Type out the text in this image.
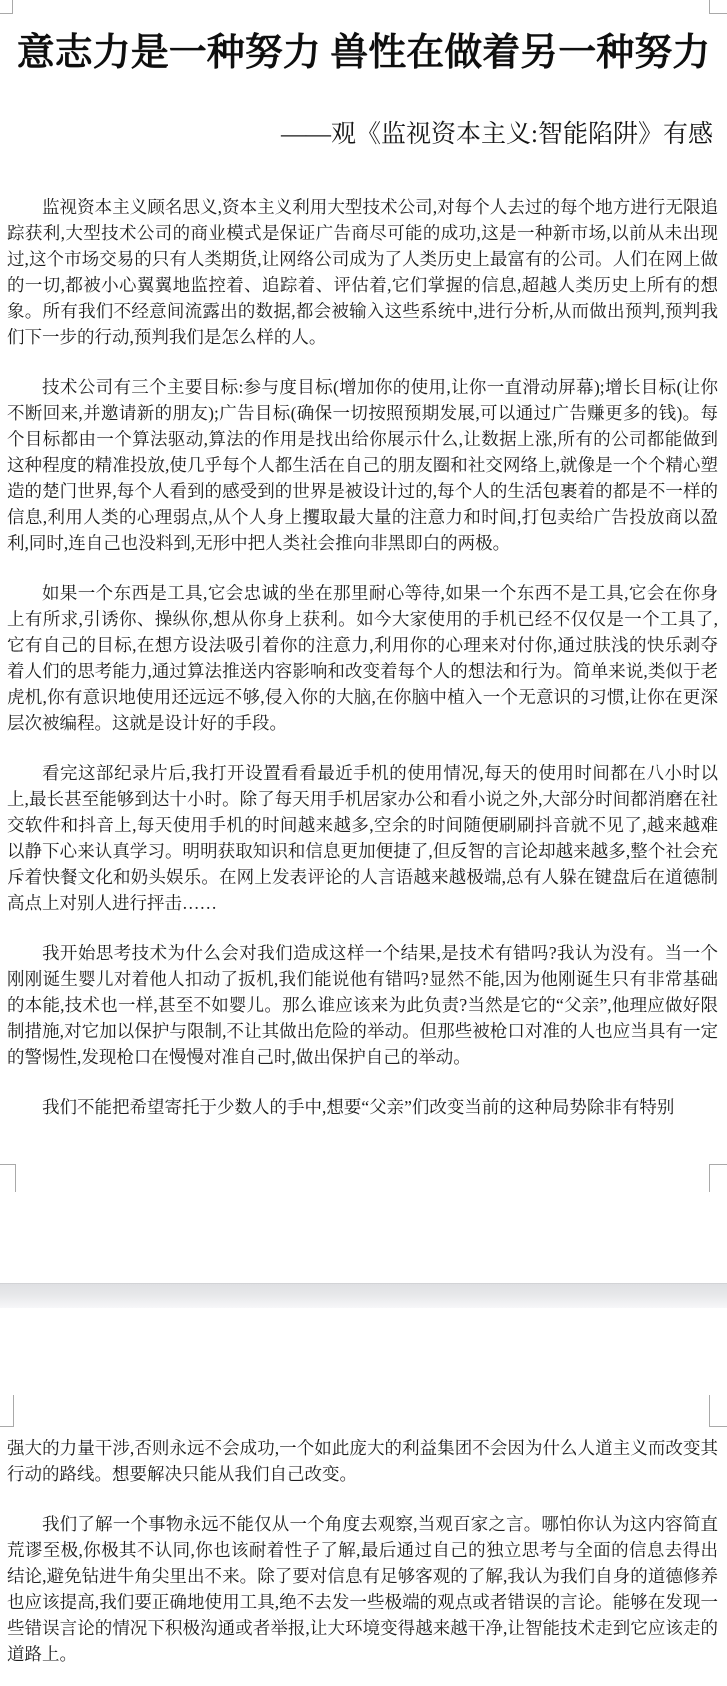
意志力是一种努力 兽性在做着另一种努力
——观《监视资本主义:智能陷阱》有感

监视资本主义顾名思义,资本主义利用大型技术公司,对每个人去过的每个地方进行无限追踪获利,大型技术公司的商业模式是保证广告商尽可能的成功,这是一种新市场,以前从未出现过,这个市场交易的只有人类期货,让网络公司成为了人类历史上最富有的公司。人们在网上做的一切,都被小心翼翼地监控着、追踪着、评估着,它们掌握的信息,超越人类历史上所有的想象。所有我们不经意间流露出的数据,都会被输入这些系统中,进行分析,从而做出预判,预判我们下一步的行动,预判我们是怎么样的人。

技术公司有三个主要目标:参与度目标(增加你的使用,让你一直滑动屏幕);增长目标(让你不断回来,并邀请新的朋友);广告目标(确保一切按照预期发展,可以通过广告赚更多的钱)。每个目标都由一个算法驱动,算法的作用是找出给你展示什么,让数据上涨,所有的公司都能做到这种程度的精准投放,使几乎每个人都生活在自己的朋友圈和社交网络上,就像是一个个精心塑造的楚门世界,每个人看到的感受到的世界是被设计过的,每个人的生活包裹着的都是不一样的信息,利用人类的心理弱点,从个人身上攫取最大量的注意力和时间,打包卖给广告投放商以盈利,同时,连自己也没料到,无形中把人类社会推向非黑即白的两极。

如果一个东西是工具,它会忠诚的坐在那里耐心等待,如果一个东西不是工具,它会在你身上有所求,引诱你、操纵你,想从你身上获利。如今大家使用的手机已经不仅仅是一个工具了,它有自己的目标,在想方设法吸引着你的注意力,利用你的心理来对付你,通过肤浅的快乐剥夺着人们的思考能力,通过算法推送内容影响和改变着每个人的想法和行为。简单来说,类似于老虎机,你有意识地使用还远远不够,侵入你的大脑,在你脑中植入一个无意识的习惯,让你在更深层次被编程。这就是设计好的手段。

看完这部纪录片后,我打开设置看看最近手机的使用情况,每天的使用时间都在八小时以上,最长甚至能够到达十小时。除了每天用手机居家办公和看小说之外,大部分时间都消磨在社交软件和抖音上,每天使用手机的时间越来越多,空余的时间随便刷刷抖音就不见了,越来越难以静下心来认真学习。明明获取知识和信息更加便捷了,但反智的言论却越来越多,整个社会充斥着快餐文化和奶头娱乐。在网上发表评论的人言语越来越极端,总有人躲在键盘后在道德制高点上对别人进行抨击……

我开始思考技术为什么会对我们造成这样一个结果,是技术有错吗?我认为没有。当一个刚刚诞生婴儿对着他人扣动了扳机,我们能说他有错吗?显然不能,因为他刚诞生只有非常基础的本能,技术也一样,甚至不如婴儿。那么谁应该来为此负责?当然是它的“父亲”,他理应做好限制措施,对它加以保护与限制,不让其做出危险的举动。但那些被枪口对准的人也应当具有一定的警惕性,发现枪口在慢慢对准自己时,做出保护自己的举动。

我们不能把希望寄托于少数人的手中,想要“父亲”们改变当前的这种局势除非有特别

强大的力量干涉,否则永远不会成功,一个如此庞大的利益集团不会因为什么人道主义而改变其行动的路线。想要解决只能从我们自己改变。

我们了解一个事物永远不能仅从一个角度去观察,当观百家之言。哪怕你认为这内容简直荒谬至极,你极其不认同,你也该耐着性子了解,最后通过自己的独立思考与全面的信息去得出结论,避免钻进牛角尖里出不来。除了要对信息有足够客观的了解,我认为我们自身的道德修养也应该提高,我们要正确地使用工具,绝不去发一些极端的观点或者错误的言论。能够在发现一些错误言论的情况下积极沟通或者举报,让大环境变得越来越干净,让智能技术走到它应该走的道路上。
